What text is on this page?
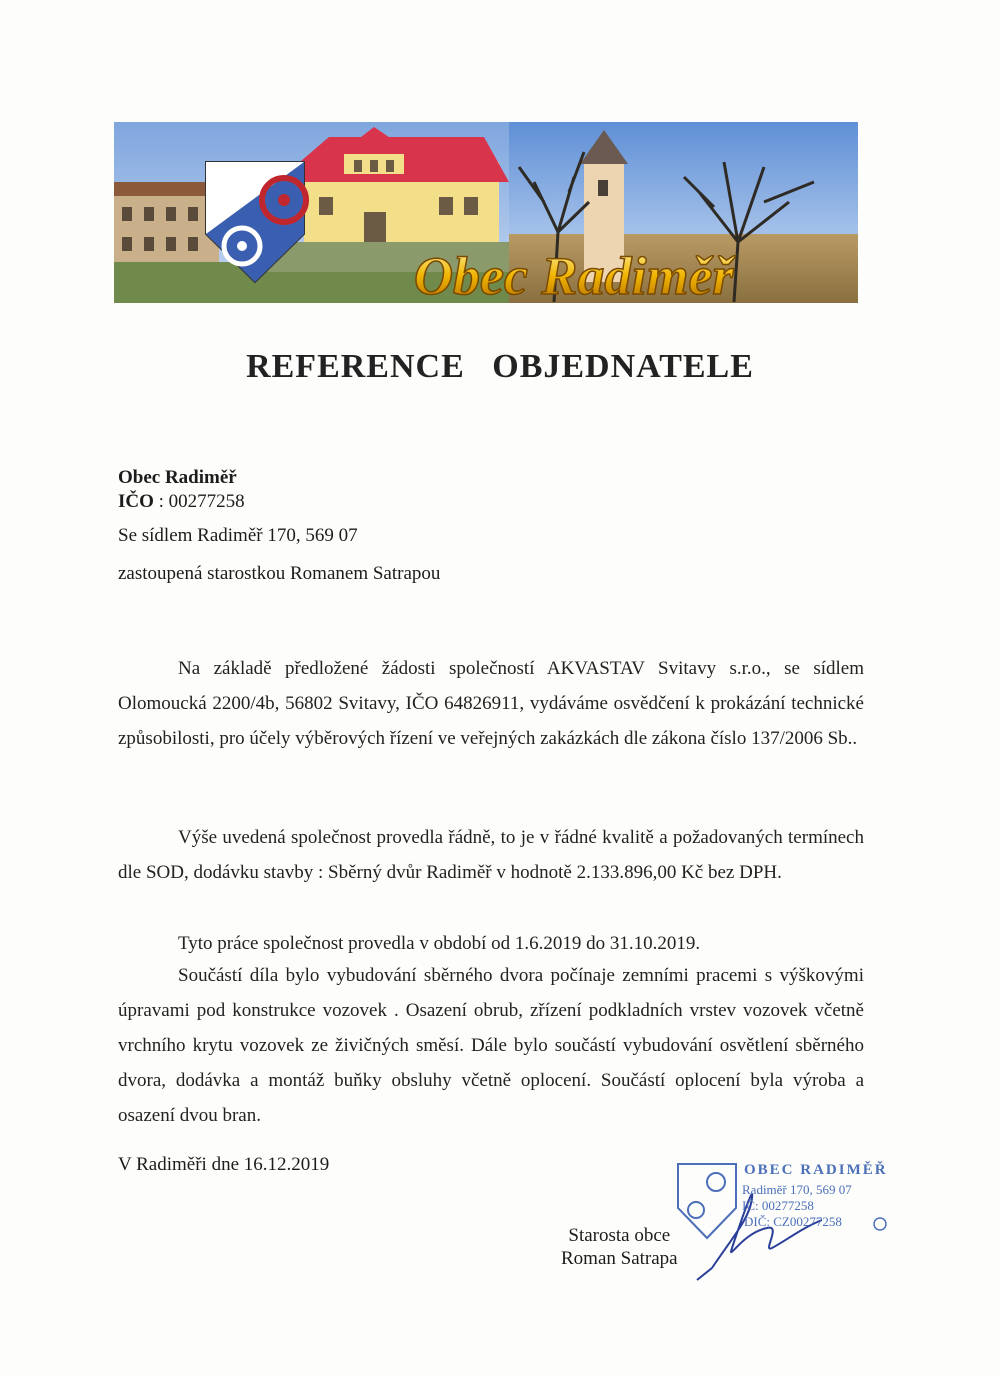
Obec Radiměř
REFERENCE OBJEDNATELE
Obec Radiměř
IČO : 00277258
Se sídlem Radiměř 170, 569 07
zastoupená starostkou Romanem Satrapou
Na základě předložené žádosti společností AKVASTAV Svitavy s.r.o., se sídlem Olomoucká 2200/4b, 56802 Svitavy, IČO 64826911, vydáváme osvědčení k prokázání technické způsobilosti, pro účely výběrových řízení ve veřejných zakázkách dle zákona číslo 137/2006 Sb..
Výše uvedená společnost provedla řádně, to je v řádné kvalitě a požadovaných termínech dle SOD, dodávku stavby : Sběrný dvůr Radiměř v hodnotě 2.133.896,00 Kč bez DPH.
Tyto práce společnost provedla v období od 1.6.2019 do 31.10.2019.
Součástí díla bylo vybudování sběrného dvora počínaje zemními pracemi s výškovými úpravami pod konstrukce vozovek . Osazení obrub, zřízení podkladních vrstev vozovek včetně vrchního krytu vozovek ze živičných směsí. Dále bylo součástí vybudování osvětlení sběrného dvora, dodávka a montáž buňky obsluhy včetně oplocení. Součástí oplocení byla výroba a osazení dvou bran.
V Radiměři dne 16.12.2019	OBEC RADIMĚŘ
Radiměř 170, 569 07
IČ: 00277258
DIČ: CZ00277258
Starosta obce
Roman Satrapa
